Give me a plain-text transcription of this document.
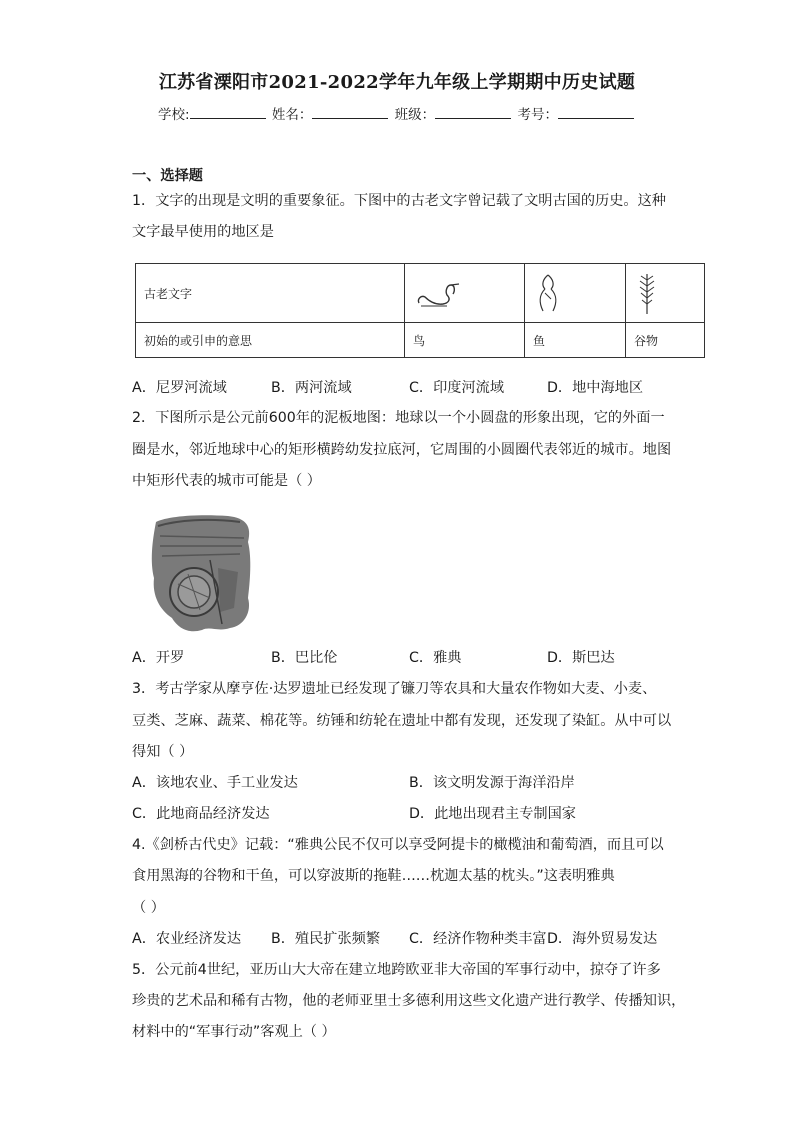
江苏省溧阳市2021-2022学年九年级上学期期中历史试题
学校:	姓名：	班级：	考号：
一、选择题
1．文字的出现是文明的重要象征。下图中的古老文字曾记载了文明古国的历史。这种
文字最早使用的地区是
古老文字	

初始的或引申的意思	鸟	鱼	谷物
A．尼罗河流域	B．两河流域	C．印度河流域	D．地中海地区
2．下图所示是公元前600年的泥板地图：地球以一个小圆盘的形象出现，它的外面一
圈是水，邻近地球中心的矩形横跨幼发拉底河，它周围的小圆圈代表邻近的城市。地图
中矩形代表的城市可能是（ ）
A．开罗	B．巴比伦	C．雅典	D．斯巴达
3．考古学家从摩亨佐·达罗遗址已经发现了镰刀等农具和大量农作物如大麦、小麦、
豆类、芝麻、蔬菜、棉花等。纺锤和纺轮在遗址中都有发现，还发现了染缸。从中可以
得知（ ）
A．该地农业、手工业发达	B．该文明发源于海洋沿岸
C．此地商品经济发达	D．此地出现君主专制国家
4.《剑桥古代史》记载：“雅典公民不仅可以享受阿提卡的橄榄油和葡萄酒，而且可以
食用黑海的谷物和干鱼，可以穿波斯的拖鞋……枕迦太基的枕头。”这表明雅典
（ ）
A．农业经济发达 B．殖民扩张频繁 C．经济作物种类丰富 D．海外贸易发达
5．公元前4世纪，亚历山大大帝在建立地跨欧亚非大帝国的军事行动中，掠夺了许多
珍贵的艺术品和稀有古物，他的老师亚里士多德利用这些文化遗产进行教学、传播知识，
材料中的“军事行动”客观上（ ）
